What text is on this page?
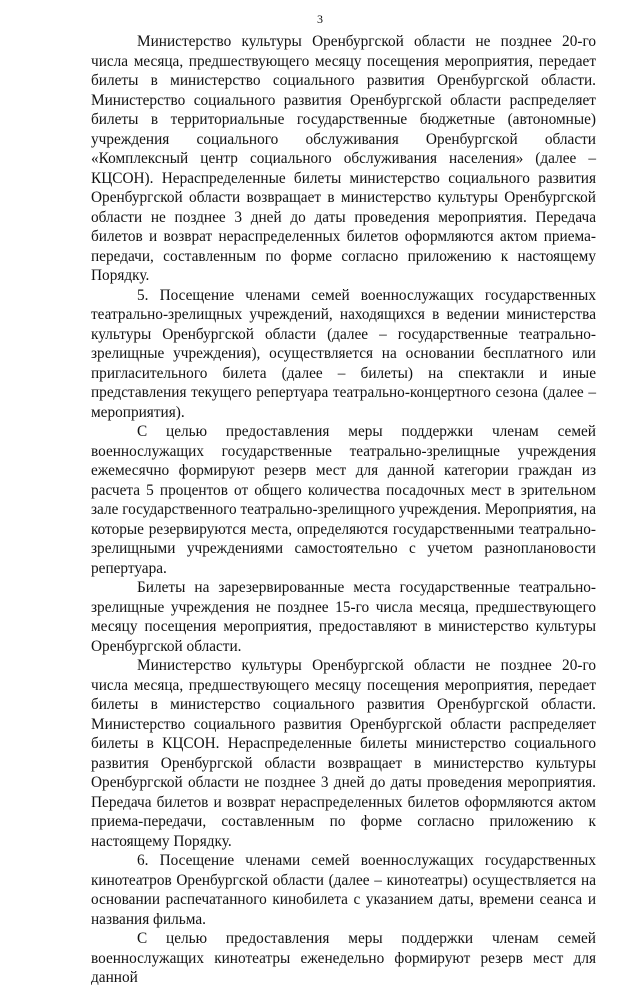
3

Министерство культуры Оренбургской области не позднее 20-го числа месяца, предшествующего месяцу посещения мероприятия, передает билеты в министерство социального развития Оренбургской области. Министерство социального развития Оренбургской области распределяет билеты в территориальные государственные бюджетные (автономные) учреждения социального обслуживания Оренбургской области «Комплексный центр социального обслуживания населения» (далее – КЦСОН). Нераспределенные билеты министерство социального развития Оренбургской области возвращает в министерство культуры Оренбургской области не позднее 3 дней до даты проведения мероприятия. Передача билетов и возврат нераспределенных билетов оформляются актом приема-передачи, составленным по форме согласно приложению к настоящему Порядку.

5. Посещение членами семей военнослужащих государственных театрально-зрелищных учреждений, находящихся в ведении министерства культуры Оренбургской области (далее – государственные театрально-зрелищные учреждения), осуществляется на основании бесплатного или пригласительного билета (далее – билеты) на спектакли и иные представления текущего репертуара театрально-концертного сезона (далее – мероприятия).

С целью предоставления меры поддержки членам семей военнослужащих государственные театрально-зрелищные учреждения ежемесячно формируют резерв мест для данной категории граждан из расчета 5 процентов от общего количества посадочных мест в зрительном зале государственного театрально-зрелищного учреждения. Мероприятия, на которые резервируются места, определяются государственными театрально-зрелищными учреждениями самостоятельно с учетом разноплановости репертуара.

Билеты на зарезервированные места государственные театрально-зрелищные учреждения не позднее 15-го числа месяца, предшествующего месяцу посещения мероприятия, предоставляют в министерство культуры Оренбургской области.

Министерство культуры Оренбургской области не позднее 20-го числа месяца, предшествующего месяцу посещения мероприятия, передает билеты в министерство социального развития Оренбургской области. Министерство социального развития Оренбургской области распределяет билеты в КЦСОН. Нераспределенные билеты министерство социального развития Оренбургской области возвращает в министерство культуры Оренбургской области не позднее 3 дней до даты проведения мероприятия. Передача билетов и возврат нераспределенных билетов оформляются актом приема-передачи, составленным по форме согласно приложению к настоящему Порядку.

6. Посещение членами семей военнослужащих государственных кинотеатров Оренбургской области (далее – кинотеатры) осуществляется на основании распечатанного кинобилета с указанием даты, времени сеанса и названия фильма.

С целью предоставления меры поддержки членам семей военнослужащих кинотеатры еженедельно формируют резерв мест для данной
